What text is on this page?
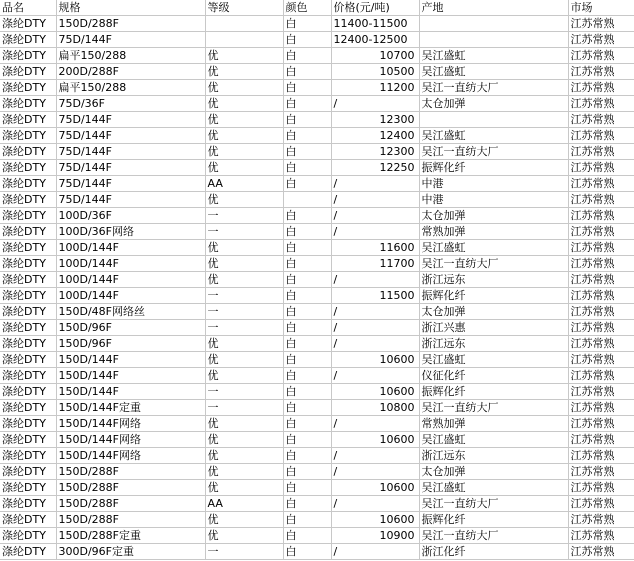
品名	规格	等级	颜色	价格(元/吨)	产地	市场
涤纶DTY	150D/288F		白	11400-11500		江苏常熟
涤纶DTY	75D/144F		白	12400-12500		江苏常熟
涤纶DTY	扁平150/288	优	白	10700	吴江盛虹	江苏常熟
涤纶DTY	200D/288F	优	白	10500	吴江盛虹	江苏常熟
涤纶DTY	扁平150/288	优	白	11200	吴江一直纺大厂	江苏常熟
涤纶DTY	75D/36F	优	白	/	太仓加弹	江苏常熟
涤纶DTY	75D/144F	优	白	12300		江苏常熟
涤纶DTY	75D/144F	优	白	12400	吴江盛虹	江苏常熟
涤纶DTY	75D/144F	优	白	12300	吴江一直纺大厂	江苏常熟
涤纶DTY	75D/144F	优	白	12250	振辉化纤	江苏常熟
涤纶DTY	75D/144F	AA	白	/	中港	江苏常熟
涤纶DTY	75D/144F	优		/	中港	江苏常熟
涤纶DTY	100D/36F	一	白	/	太仓加弹	江苏常熟
涤纶DTY	100D/36F网络	一	白	/	常熟加弹	江苏常熟
涤纶DTY	100D/144F	优	白	11600	吴江盛虹	江苏常熟
涤纶DTY	100D/144F	优	白	11700	吴江一直纺大厂	江苏常熟
涤纶DTY	100D/144F	优	白	/	浙江远东	江苏常熟
涤纶DTY	100D/144F	一	白	11500	振辉化纤	江苏常熟
涤纶DTY	150D/48F网络丝	一	白	/	太仓加弹	江苏常熟
涤纶DTY	150D/96F	一	白	/	浙江兴惠	江苏常熟
涤纶DTY	150D/96F	优	白	/	浙江远东	江苏常熟
涤纶DTY	150D/144F	优	白	10600	吴江盛虹	江苏常熟
涤纶DTY	150D/144F	优	白	/	仪征化纤	江苏常熟
涤纶DTY	150D/144F	一	白	10600	振辉化纤	江苏常熟
涤纶DTY	150D/144F定重	一	白	10800	吴江一直纺大厂	江苏常熟
涤纶DTY	150D/144F网络	优	白	/	常熟加弹	江苏常熟
涤纶DTY	150D/144F网络	优	白	10600	吴江盛虹	江苏常熟
涤纶DTY	150D/144F网络	优	白	/	浙江远东	江苏常熟
涤纶DTY	150D/288F	优	白	/	太仓加弹	江苏常熟
涤纶DTY	150D/288F	优	白	10600	吴江盛虹	江苏常熟
涤纶DTY	150D/288F	AA	白	/	吴江一直纺大厂	江苏常熟
涤纶DTY	150D/288F	优	白	10600	振辉化纤	江苏常熟
涤纶DTY	150D/288F定重	优	白	10900	吴江一直纺大厂	江苏常熟
涤纶DTY	300D/96F定重	一	白	/	浙江化纤	江苏常熟
